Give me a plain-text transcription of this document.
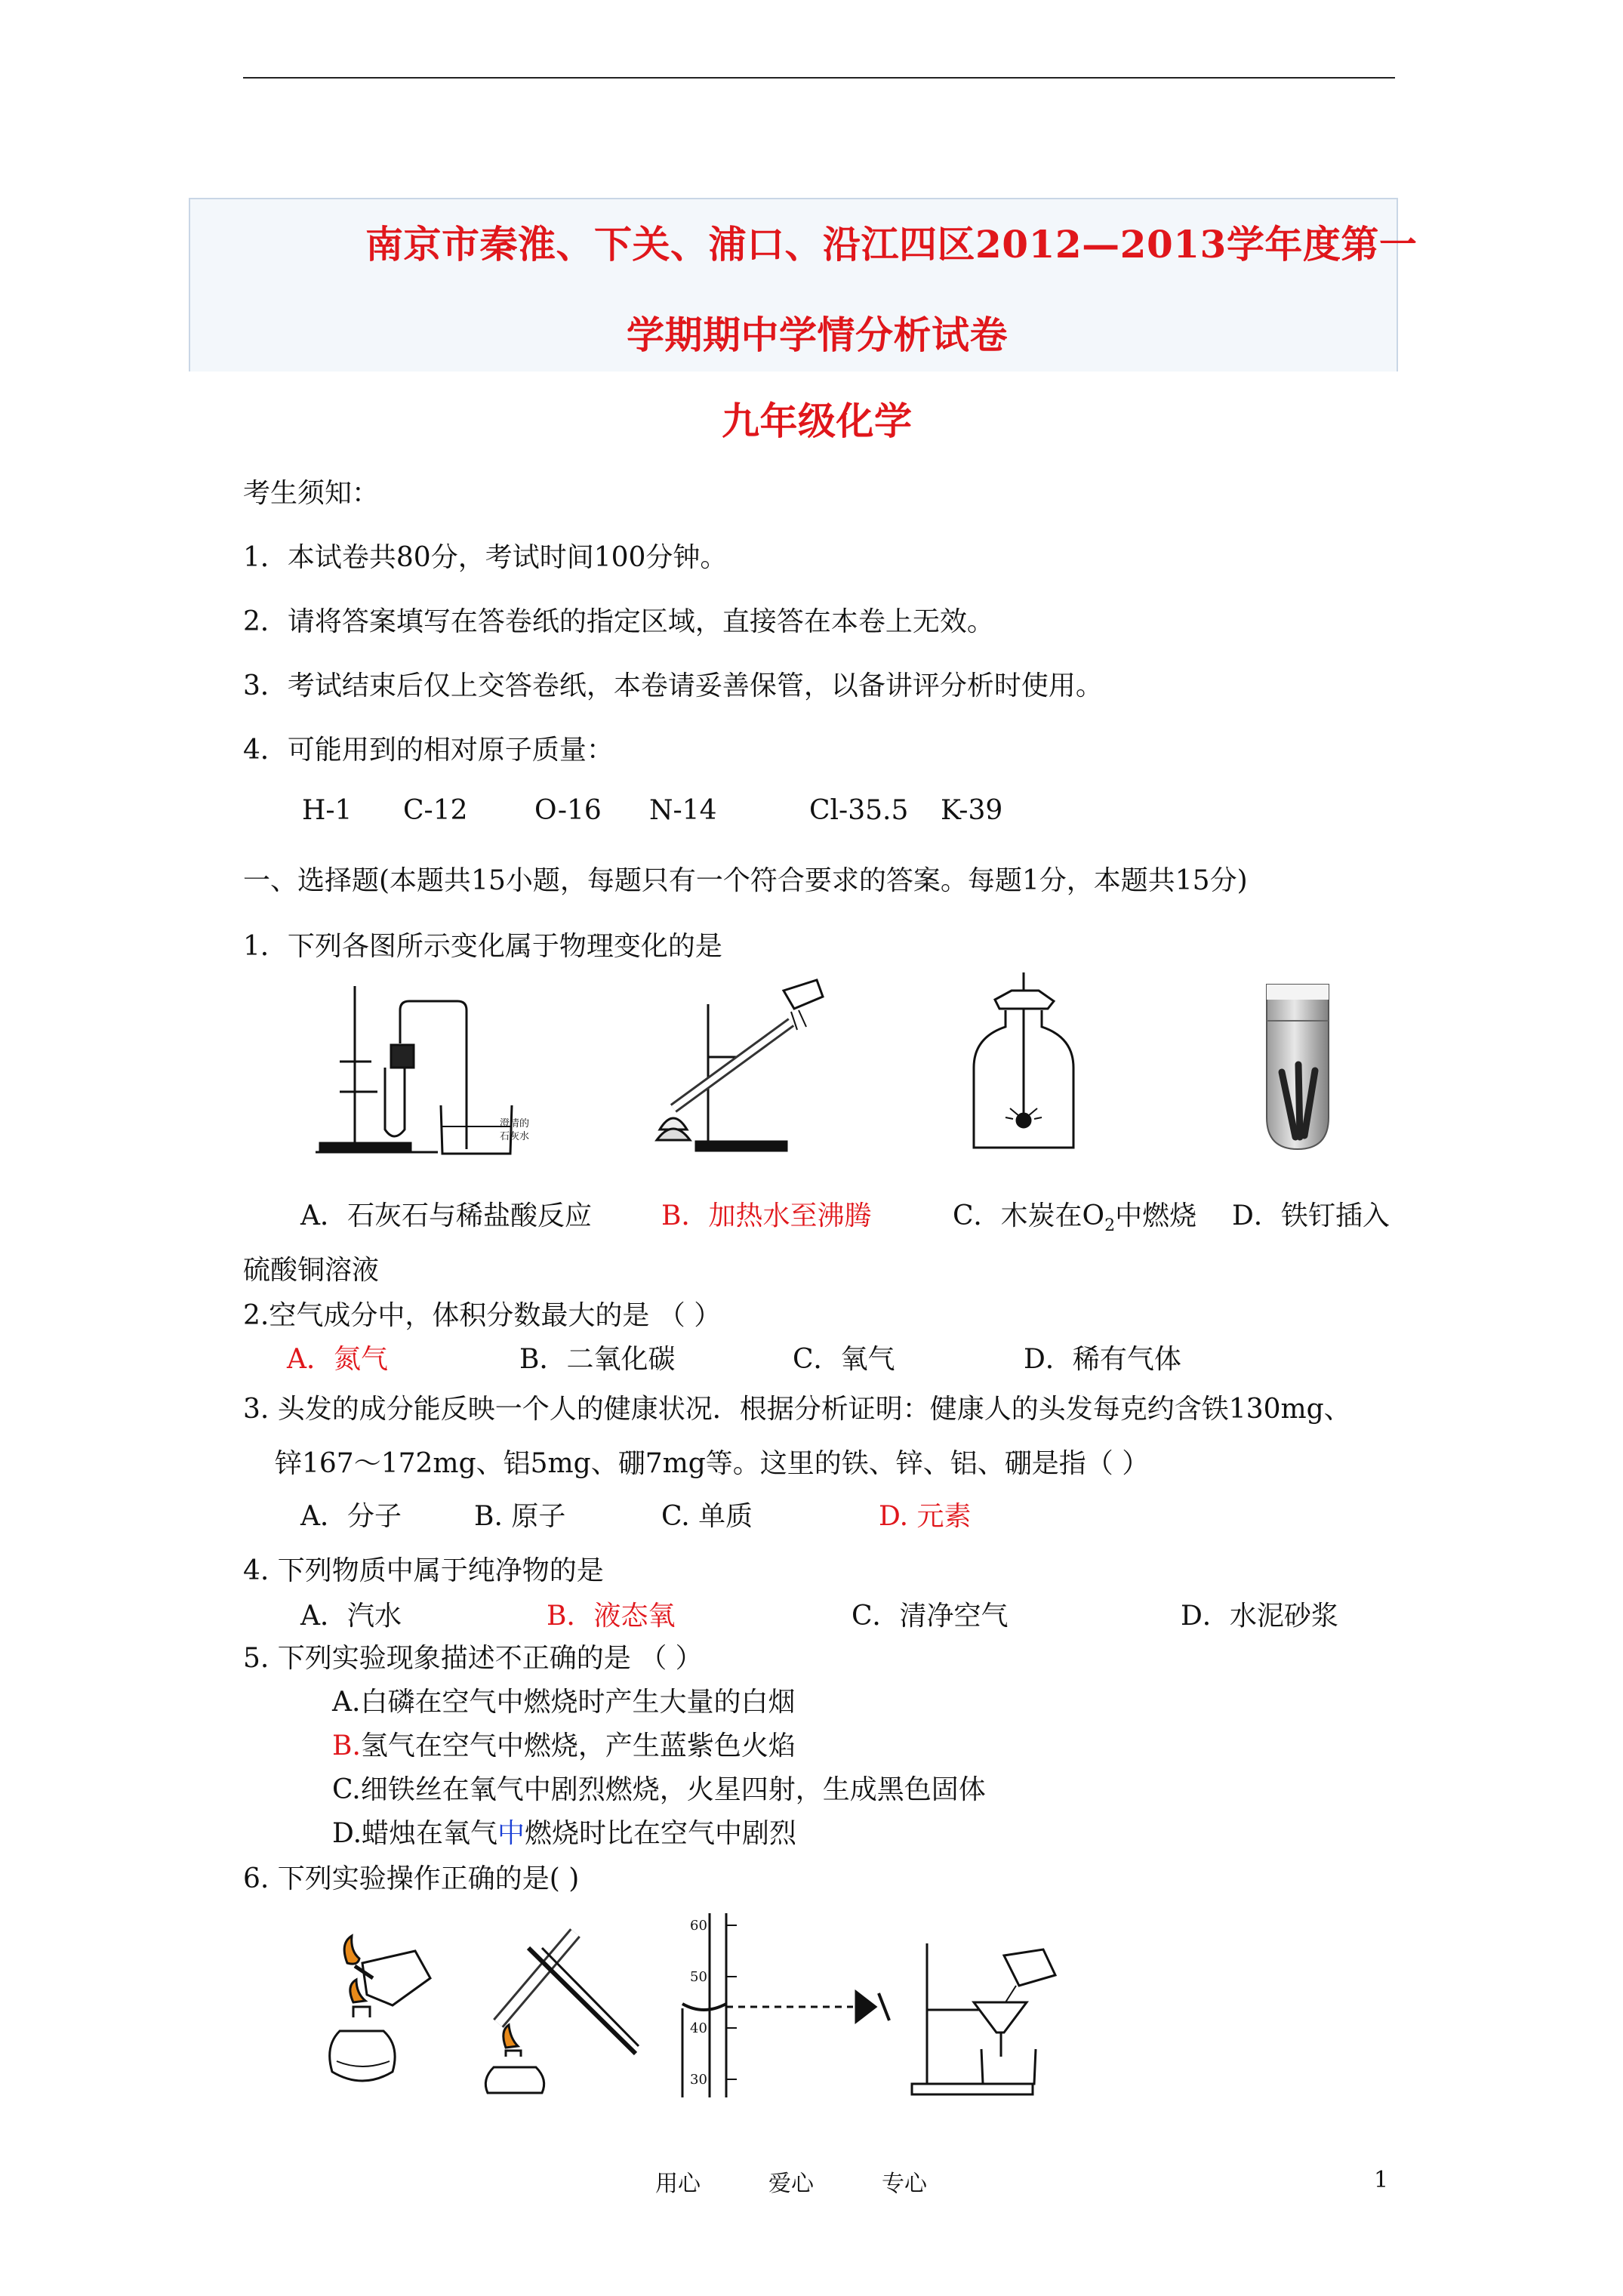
南京市秦淮、下关、浦口、沿江四区2012—2013学年度第一
学期期中学情分析试卷
九年级化学
考生须知：
1．本试卷共80分，考试时间100分钟。
2．请将答案填写在答卷纸的指定区域，直接答在本卷上无效。
3．考试结束后仅上交答卷纸，本卷请妥善保管，以备讲评分析时使用。
4．可能用到的相对原子质量：
H-1 C-12 O-16 N-14	Cl-35.5 K-39
一、选择题(本题共15小题，每题只有一个符合要求的答案。每题1分，本题共15分)
1．下列各图所示变化属于物理变化的是
澄清的
石灰水
A．石灰石与稀盐酸反应	B．加热水至沸腾	C．木炭在$O_2$中燃烧 D．铁钉插入
硫酸铜溶液
2.空气成分中，体积分数最大的是 （ ）
A．氮气	B．二氧化碳	C．氧气	D．稀有气体
3. 头发的成分能反映一个人的健康状况．根据分析证明：健康人的头发每克约含铁130mg、
锌167～172mg、铝5mg、硼7mg等。这里的铁、锌、铝、硼是指（ ）
A．分子	B. 原子	C. 单质	D. 元素
4. 下列物质中属于纯净物的是
A．汽水	B．液态氧	C．清净空气	D．水泥砂浆
5. 下列实验现象描述不正确的是 （ ）
A.白磷在空气中燃烧时产生大量的白烟
B.氢气在空气中燃烧，产生蓝紫色火焰
C.细铁丝在氧气中剧烈燃烧，火星四射，生成黑色固体
D.蜡烛在氧气中燃烧时比在空气中剧烈
6. 下列实验操作正确的是( )
60
50
40
30
用心	爱心	专心	1
